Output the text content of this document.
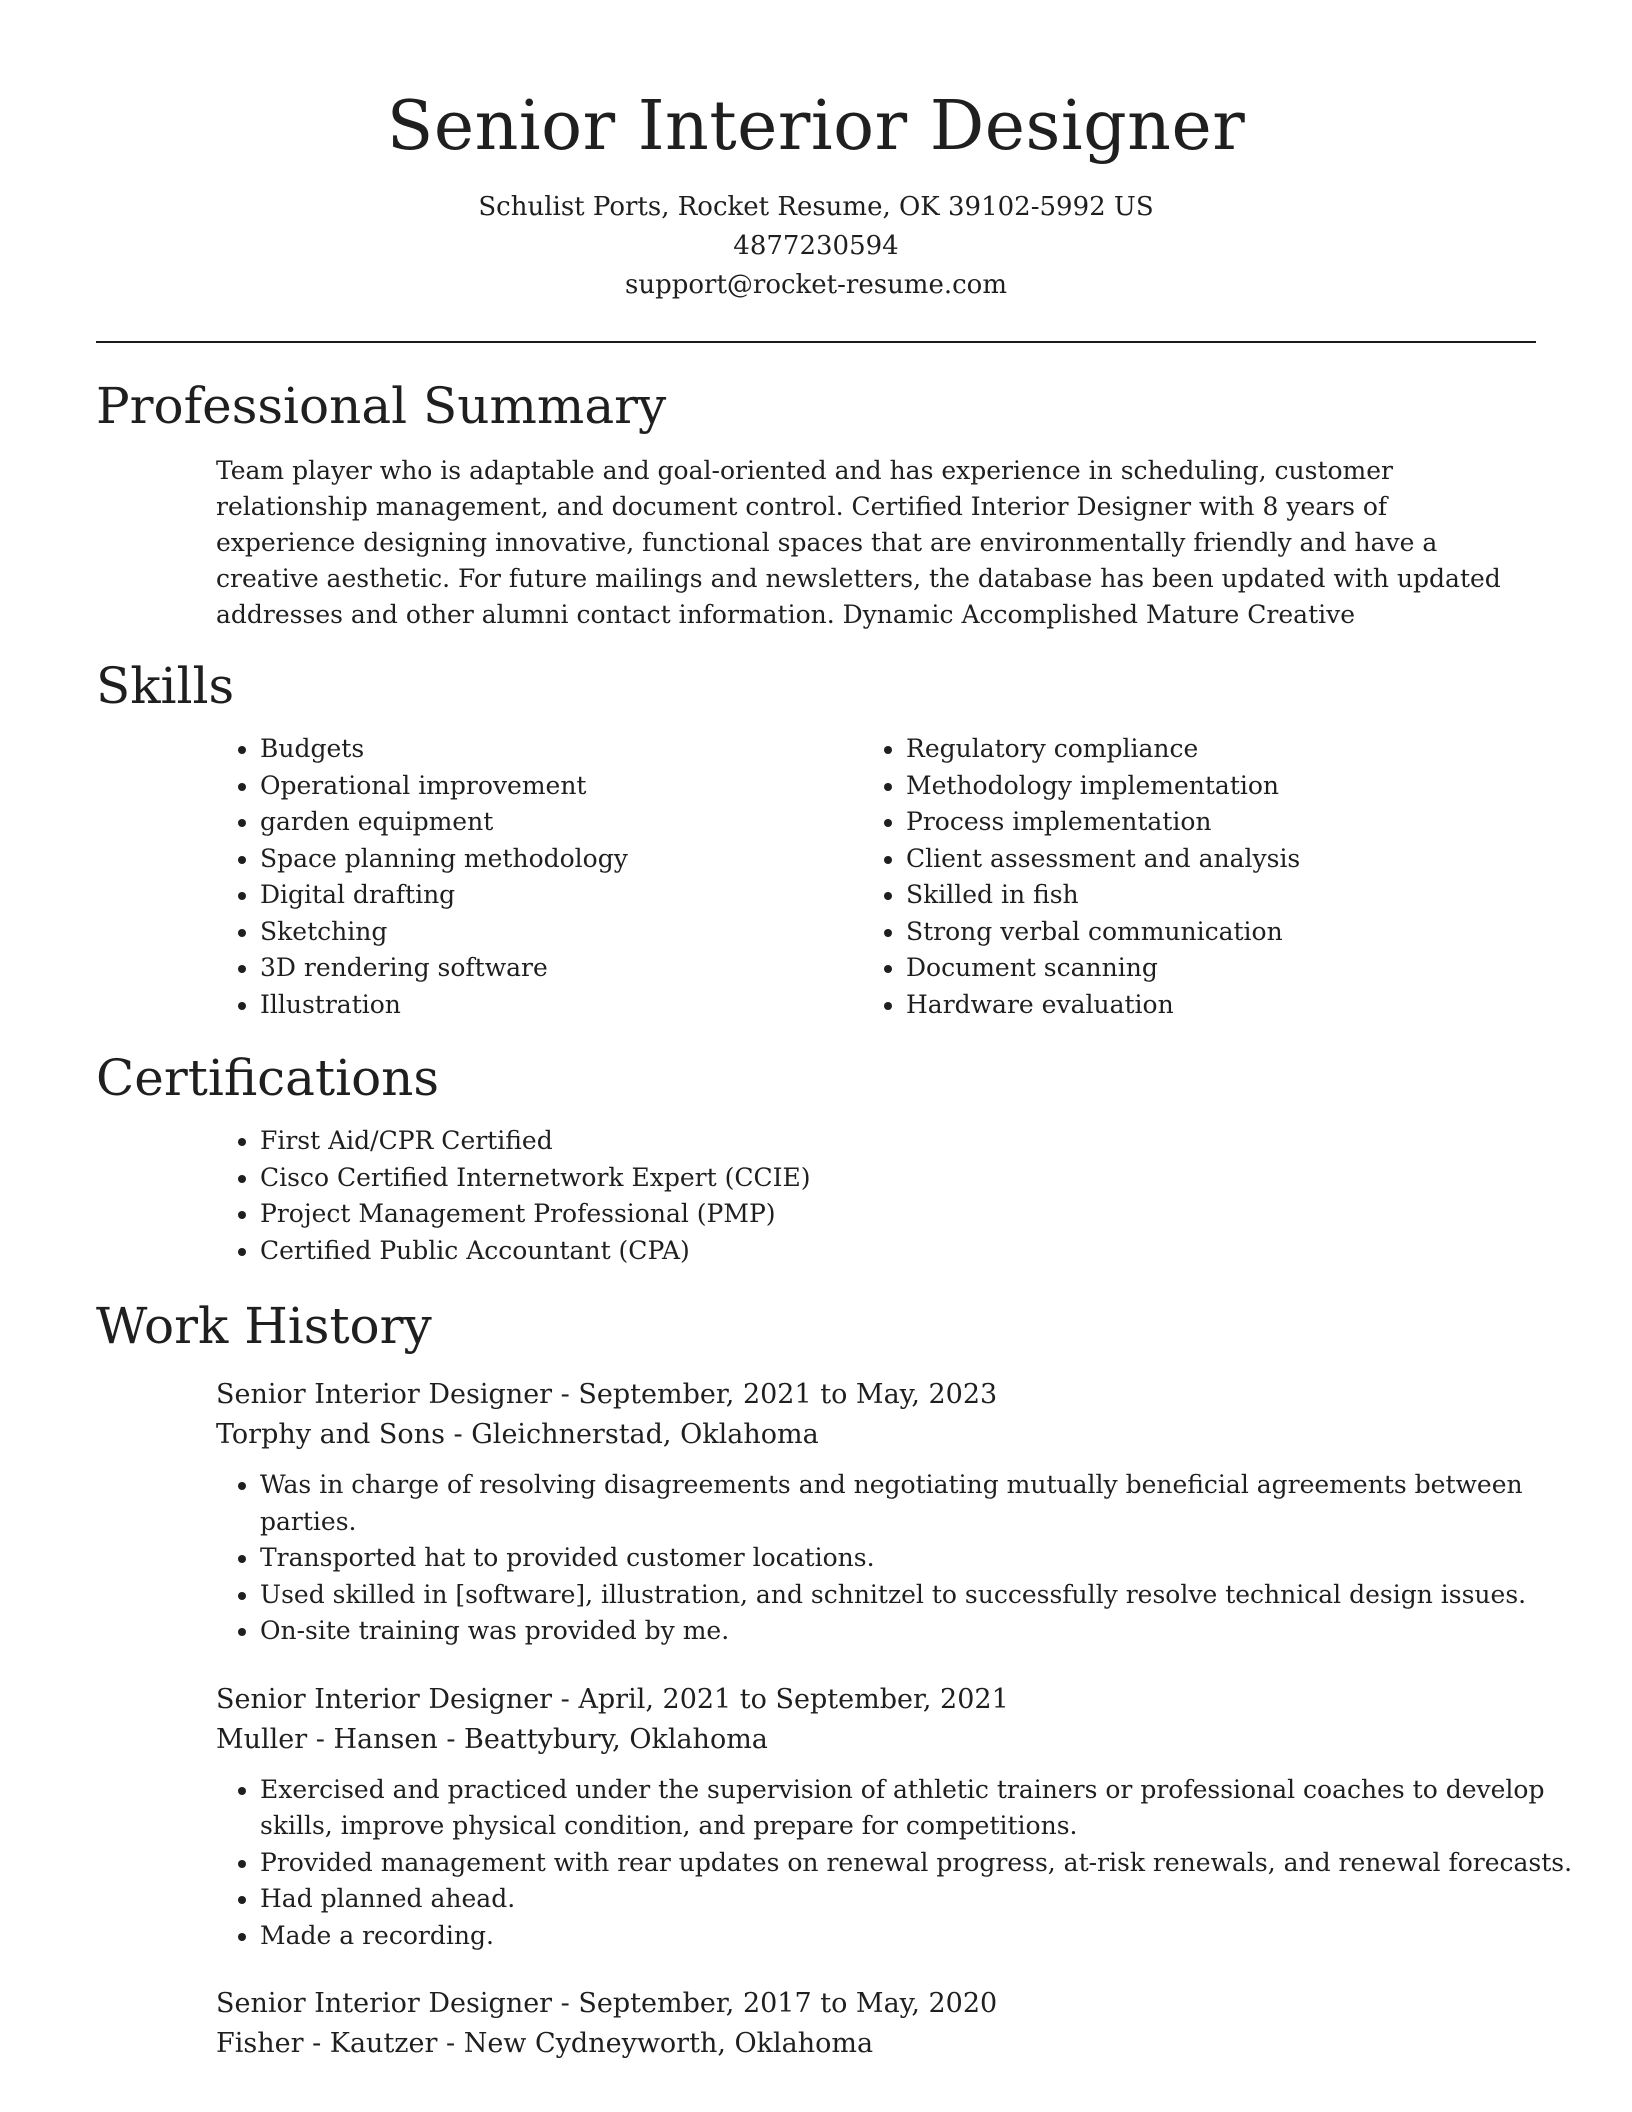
Senior Interior Designer

Schulist Ports, Rocket Resume, OK 39102-5992 US

4877230594

support@rocket-resume.com

Professional Summary

Team player who is adaptable and goal-oriented and has experience in scheduling, customer relationship management, and document control. Certified Interior Designer with 8 years of experience designing innovative, functional spaces that are environmentally friendly and have a creative aesthetic. For future mailings and newsletters, the database has been updated with updated addresses and other alumni contact information. Dynamic Accomplished Mature Creative

Skills
• Budgets
• Operational improvement
• garden equipment
• Space planning methodology
• Digital drafting
• Sketching
• 3D rendering software
• Illustration
• Regulatory compliance
• Methodology implementation
• Process implementation
• Client assessment and analysis
• Skilled in fish
• Strong verbal communication
• Document scanning
• Hardware evaluation
Certifications
• First Aid/CPR Certified
• Cisco Certified Internetwork Expert (CCIE)
• Project Management Professional (PMP)
• Certified Public Accountant (CPA)
Work History

Senior Interior Designer - September, 2021 to May, 2023

Torphy and Sons - Gleichnerstad, Oklahoma

• Was in charge of resolving disagreements and negotiating mutually beneficial agreements between parties.
• Transported hat to provided customer locations.
• Used skilled in [software], illustration, and schnitzel to successfully resolve technical design issues.
• On-site training was provided by me.

Senior Interior Designer - April, 2021 to September, 2021

Muller - Hansen - Beattybury, Oklahoma

• Exercised and practiced under the supervision of athletic trainers or professional coaches to develop skills, improve physical condition, and prepare for competitions.
• Provided management with rear updates on renewal progress, at-risk renewals, and renewal forecasts.
• Had planned ahead.
• Made a recording.

Senior Interior Designer - September, 2017 to May, 2020

Fisher - Kautzer - New Cydneyworth, Oklahoma
